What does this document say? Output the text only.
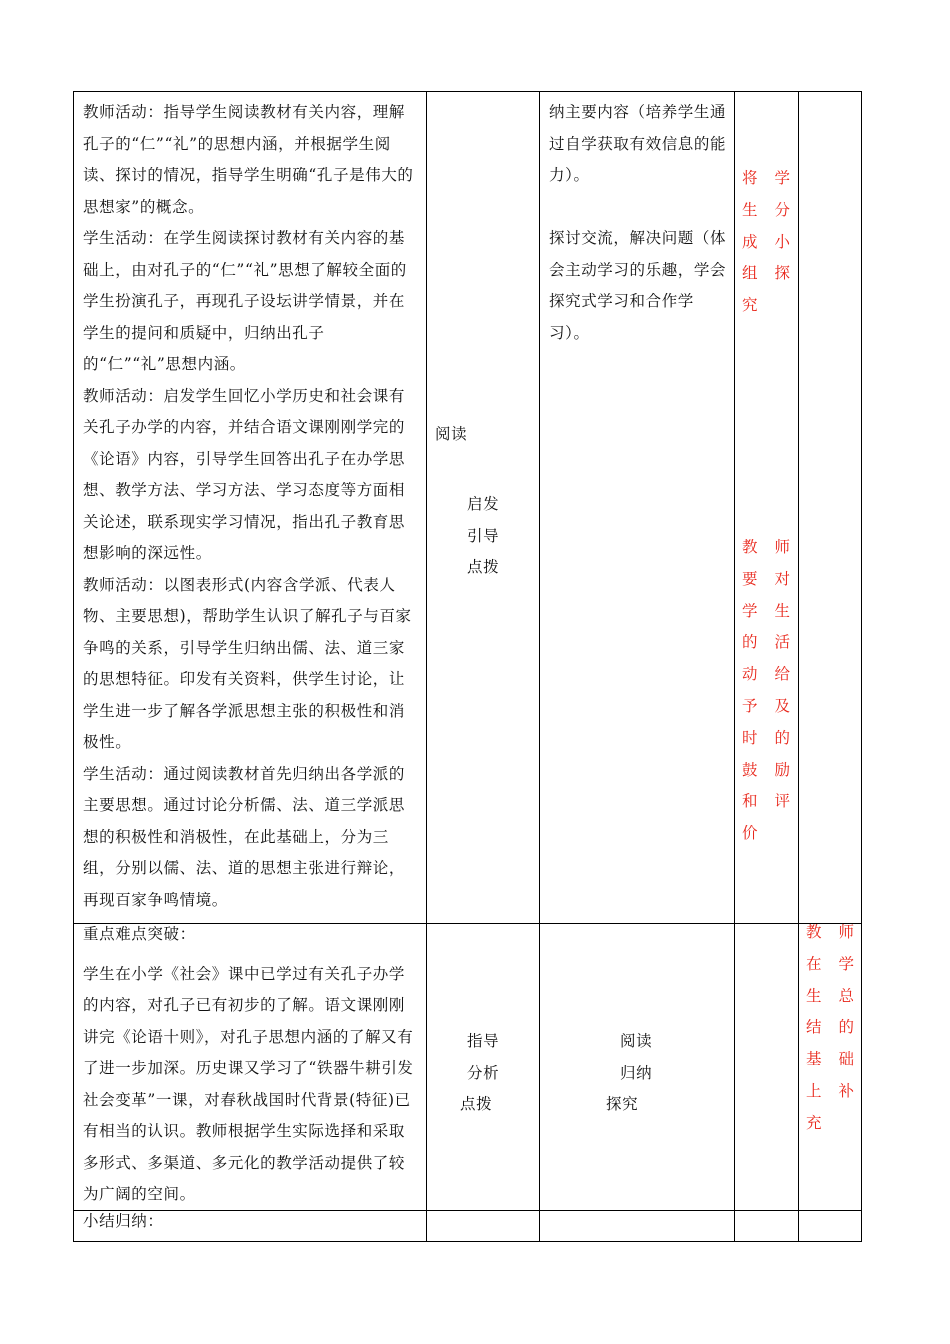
教师活动：指导学生阅读教材有关内容，理解孔子的“仁”“礼”的思想内涵，并根据学生阅读、探讨的情况，指导学生明确“孔子是伟大的思想家”的概念。

学生活动：在学生阅读探讨教材有关内容的基础上，由对孔子的“仁”“礼”思想了解较全面的学生扮演孔子，再现孔子设坛讲学情景，并在学生的提问和质疑中，归纳出孔子的“仁”“礼”思想内涵。

教师活动：启发学生回忆小学历史和社会课有关孔子办学的内容，并结合语文课刚刚学完的《论语》内容，引导学生回答出孔子在办学思想、教学方法、学习方法、学习态度等方面相关论述，联系现实学习情况，指出孔子教育思想影响的深远性。

教师活动：以图表形式(内容含学派、代表人物、主要思想)，帮助学生认识了解孔子与百家争鸣的关系，引导学生归纳出儒、法、道三家的思想特征。印发有关资料，供学生讨论，让学生进一步了解各学派思想主张的积极性和消极性。

学生活动：通过阅读教材首先归纳出各学派的主要思想。通过讨论分析儒、法、道三学派思想的积极性和消极性，在此基础上，分为三组，分别以儒、法、道的思想主张进行辩论，再现百家争鸣情境。

阅读
启发
引导
点拨

纳主要内容（培养学生通过自学获取有效信息的能力）。

探讨交流，解决问题（体会主动学习的乐趣，学会探究式学习和合作学习）。

将 学
生 分
成 小
组 探
究
教 师
要 对
学 生
的 活
动 给
予 及
时 的
鼓 励
和 评
价

重点难点突破：

学生在小学《社会》课中已学过有关孔子办学的内容，对孔子已有初步的了解。语文课刚刚讲完《论语十则》，对孔子思想内涵的了解又有了进一步加深。历史课又学习了“铁器牛耕引发社会变革”一课，对春秋战国时代背景(特征)已有相当的认识。教师根据学生实际选择和采取多形式、多渠道、多元化的教学活动提供了较为广阔的空间。

指导
分析
点拨
阅读
归纳
探究
教 师
在 学
生 总
结 的
基 础
上 补
充
小结归纳：
